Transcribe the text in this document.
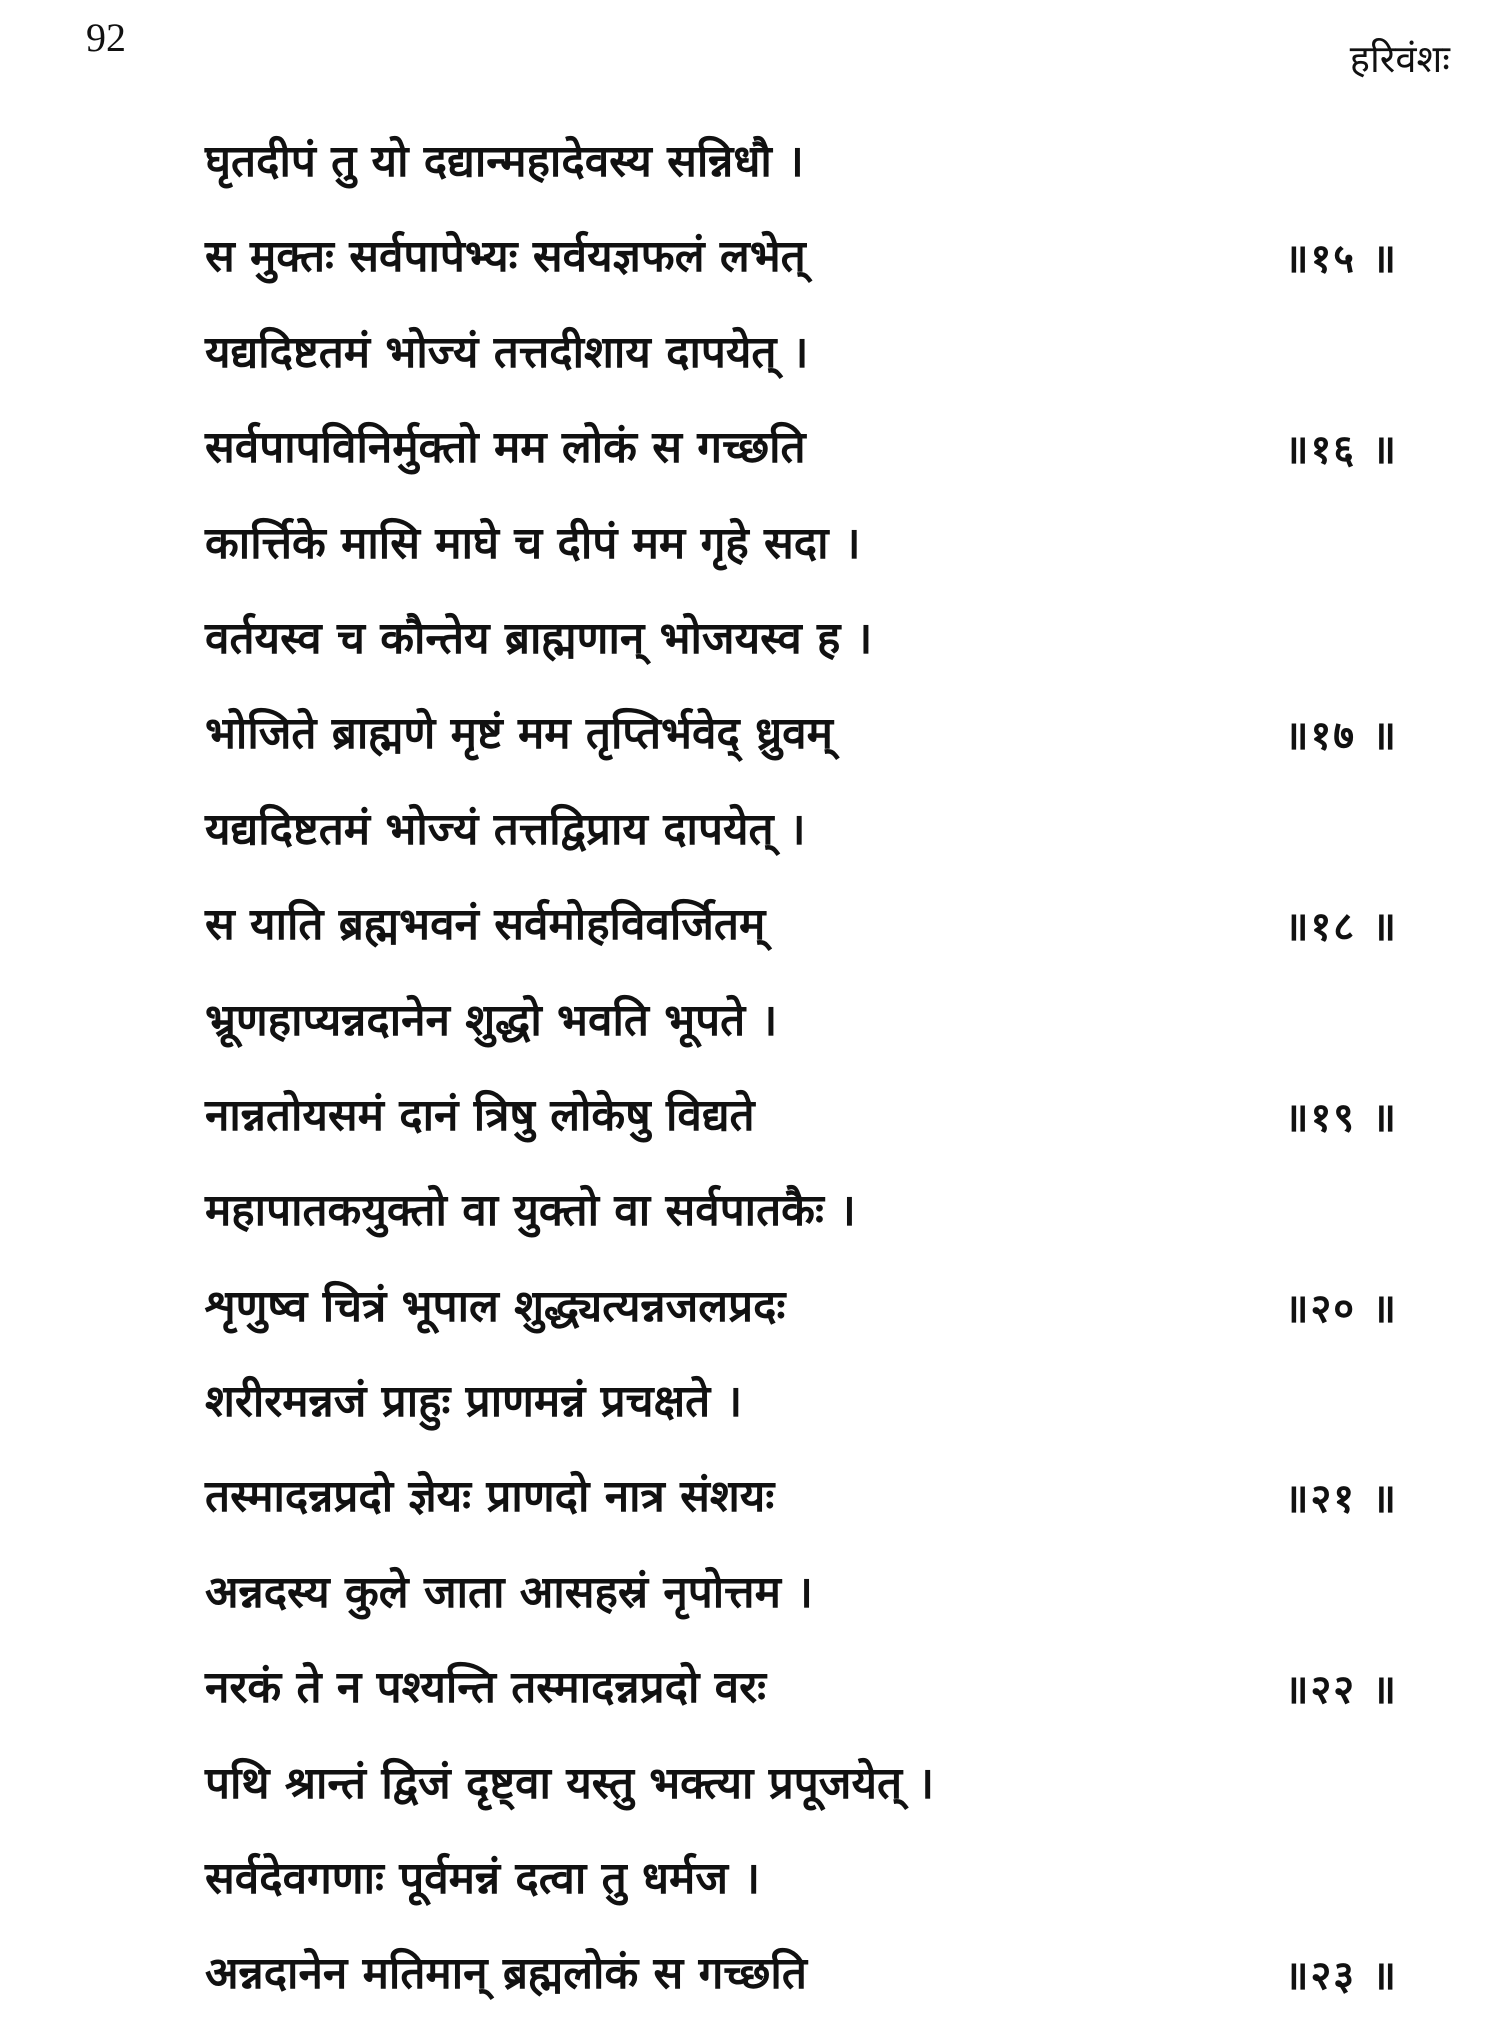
92	हरिवंशः
घृतदीपं तु यो दद्यान्महादेवस्य सन्निधौ ।
स मुक्तः सर्वपापेभ्यः सर्वयज्ञफलं लभेत्	॥१५ ॥
यद्यदिष्टतमं भोज्यं तत्तदीशाय दापयेत् ।
सर्वपापविनिर्मुक्तो मम लोकं स गच्छति	॥१६ ॥
कार्त्तिके मासि माघे च दीपं मम गृहे सदा ।
वर्तयस्व च कौन्तेय ब्राह्मणान् भोजयस्व ह ।
भोजिते ब्राह्मणे मृष्टं मम तृप्तिर्भवेद् ध्रुवम्	॥१७ ॥
यद्यदिष्टतमं भोज्यं तत्तद्विप्राय दापयेत् ।
स याति ब्रह्मभवनं सर्वमोहविवर्जितम्	॥१८ ॥
भ्रूणहाप्यन्नदानेन शुद्धो भवति भूपते ।
नान्नतोयसमं दानं त्रिषु लोकेषु विद्यते	॥१९ ॥
महापातकयुक्तो वा युक्तो वा सर्वपातकैः ।
शृणुष्व चित्रं भूपाल शुद्ध्यत्यन्नजलप्रदः	॥२० ॥
शरीरमन्नजं प्राहुः प्राणमन्नं प्रचक्षते ।
तस्मादन्नप्रदो ज्ञेयः प्राणदो नात्र संशयः	॥२१ ॥
अन्नदस्य कुले जाता आसहस्रं नृपोत्तम ।
नरकं ते न पश्यन्ति तस्मादन्नप्रदो वरः	॥२२ ॥
पथि श्रान्तं द्विजं दृष्ट्वा यस्तु भक्त्या प्रपूजयेत् ।
सर्वदेवगणाः पूर्वमन्नं दत्वा तु धर्मज ।
अन्नदानेन मतिमान् ब्रह्मलोकं स गच्छति	॥२३ ॥
